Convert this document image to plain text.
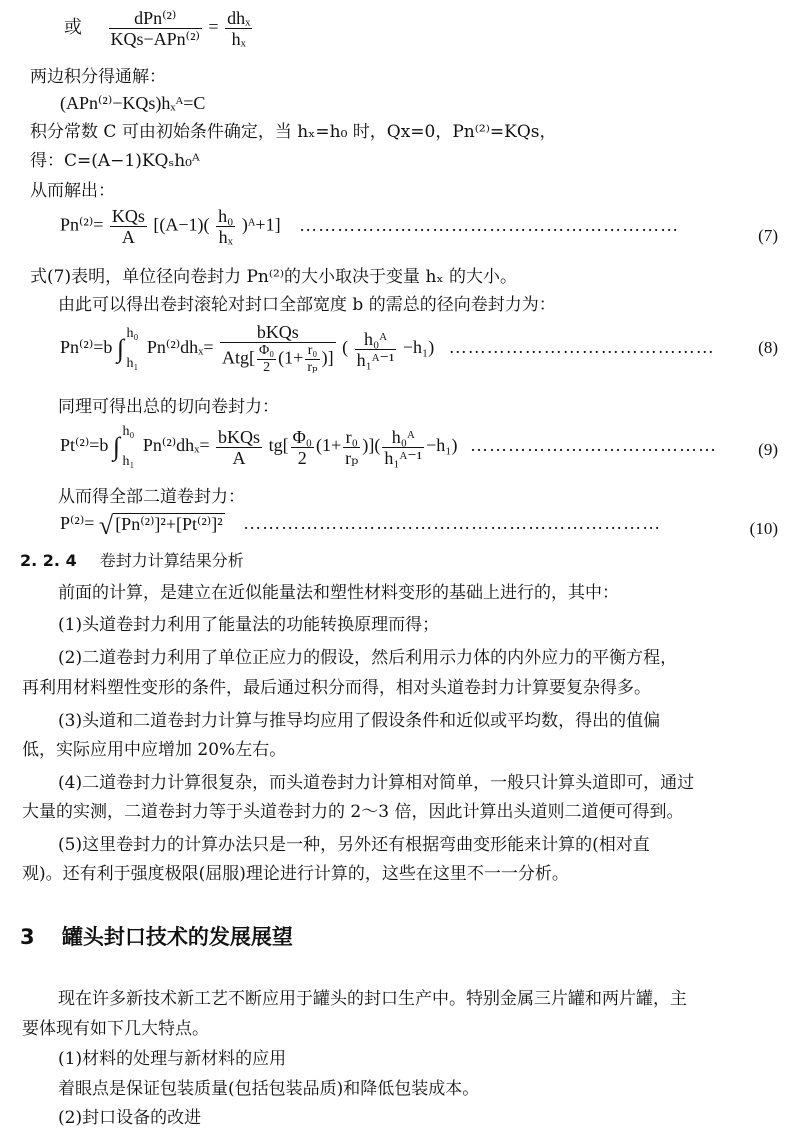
或 $\frac{\text{dPn⁽²⁾}}{\text{KQs−APn⁽²⁾}} = \frac{\text{dhₓ}}{\text{hₓ}}$
两边积分得通解：
(APn⁽²⁾−KQs)hₓᴬ=C
积分常数 C 可由初始条件确定，当 hₓ=h₀ 时，Qx=0，Pn⁽²⁾=KQs，
得：C=(A−1)KQₛh₀ᴬ
从而解出：
$Pn^{(2)}= \frac{\text{KQs}}{A} [(A-1)( \frac{\text{h₀}}{\text{hₓ}}$ )ᴬ+1] ……………………………………………………
(7)
式(7)表明，单位径向卷封力 Pn⁽²⁾的大小取决于变量 hₓ 的大小。
由此可以得出卷封滚轮对封口全部宽度 b 的需总的径向卷封力为：
Pn⁽²⁾=b ∫
h₀
h₁
$Pn^{(2)}dh_x= \frac{\text{bKQs}}{Atg[ \frac{\text{Φ₀}}{2} (1+ \frac{\text{r₀}}{\text{rₚ}} )]}$ ( $\frac{\text{h₀ᴬ}}{\text{h₁ᴬ⁻¹}} -h_1$) ……………………………………	(8)
同理可得出总的切向卷封力：
Pt⁽²⁾=b ∫
h₀
h₁
$Pn^{(2)}dh_x= \frac{\text{bKQs}}{A} tg[ \frac{\text{Φ₀}}{2} (1+ \frac{\text{r₀}}{\text{rₚ}}$ )]( $\frac{\text{h₀ᴬ}}{\text{h₁ᴬ⁻¹}} -h_1$) ………………………………… (9)
从而得全部二道卷封力：
P⁽²⁾= √ [Pn⁽²⁾]²+[Pt⁽²⁾]² …………………………………………………………	(10)
2. 2. 4 卷封力计算结果分析
前面的计算，是建立在近似能量法和塑性材料变形的基础上进行的，其中：
(1)头道卷封力利用了能量法的功能转换原理而得；
(2)二道卷封力利用了单位正应力的假设，然后利用示力体的内外应力的平衡方程，
再利用材料塑性变形的条件，最后通过积分而得，相对头道卷封力计算要复杂得多。
(3)头道和二道卷封力计算与推导均应用了假设条件和近似或平均数，得出的值偏
低，实际应用中应增加 20%左右。
(4)二道卷封力计算很复杂，而头道卷封力计算相对简单，一般只计算头道即可，通过
大量的实测，二道卷封力等于头道卷封力的 2～3 倍，因此计算出头道则二道便可得到。
(5)这里卷封力的计算办法只是一种，另外还有根据弯曲变形能来计算的(相对直
观)。还有利于强度极限(屈服)理论进行计算的，这些在这里不一一分析。
3 罐头封口技术的发展展望
现在许多新技术新工艺不断应用于罐头的封口生产中。特别金属三片罐和两片罐，主
要体现有如下几大特点。
(1)材料的处理与新材料的应用
着眼点是保证包装质量(包括包装品质)和降低包装成本。
(2)封口设备的改进
